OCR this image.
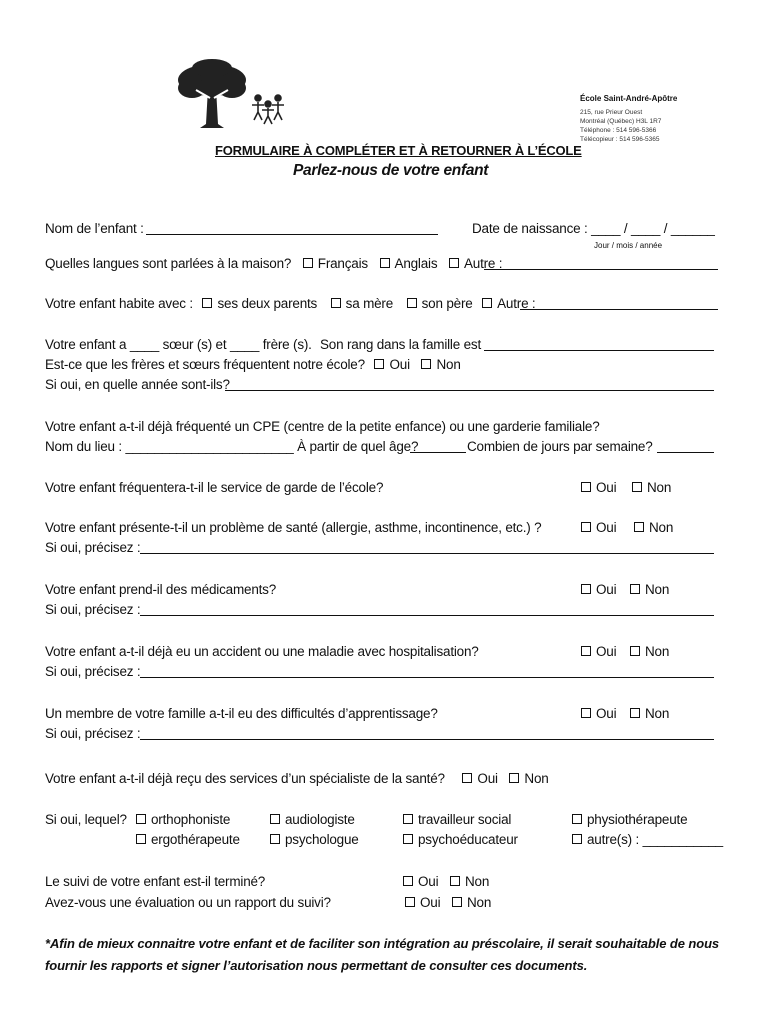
École Saint-André-Apôtre
215, rue Prieur Ouest
Montréal (Québec) H3L 1R7
Téléphone : 514 596-5366
Télécopieur : 514 596-5365
FORMULAIRE À COMPLÉTER ET À RETOURNER À L’ÉCOLE
Parlez-nous de votre enfant
Nom de l’enfant :	Date de naissance : ____ / ____ / ______
Jour / mois / année
Quelles langues sont parlées à la maison? Français Anglais Autre :
Votre enfant habite avec : ses deux parents sa mère son père Autre :
Votre enfant a ____ sœur (s) et ____ frère (s). Son rang dans la famille est
Est-ce que les frères et sœurs fréquentent notre école? Oui Non
Si oui, en quelle année sont-ils?
Votre enfant a-t-il déjà fréquenté un CPE (centre de la petite enfance) ou une garderie familiale?
Nom du lieu : _______________________ À partir de quel âge?	Combien de jours par semaine?
Votre enfant fréquentera-t-il le service de garde de l’école?	Oui Non
Votre enfant présente-t-il un problème de santé (allergie, asthme, incontinence, etc.) ?	Oui Non
Si oui, précisez :
Votre enfant prend-il des médicaments?	Oui Non
Si oui, précisez :
Votre enfant a-t-il déjà eu un accident ou une maladie avec hospitalisation?	Oui Non
Si oui, précisez :
Un membre de votre famille a-t-il eu des difficultés d’apprentissage?	Oui Non
Si oui, précisez :
Votre enfant a-t-il déjà reçu des services d’un spécialiste de la santé? Oui Non
Si oui, lequel?	orthophoniste	audiologiste	travailleur social	physiothérapeute
ergothérapeute	psychologue	psychoéducateur	autre(s) : ___________
Le suivi de votre enfant est-il terminé?	Oui Non
Avez-vous une évaluation ou un rapport du suivi?	Oui Non
*Afin de mieux connaitre votre enfant et de faciliter son intégration au préscolaire, il serait souhaitable de nous fournir les rapports et signer l’autorisation nous permettant de consulter ces documents.
